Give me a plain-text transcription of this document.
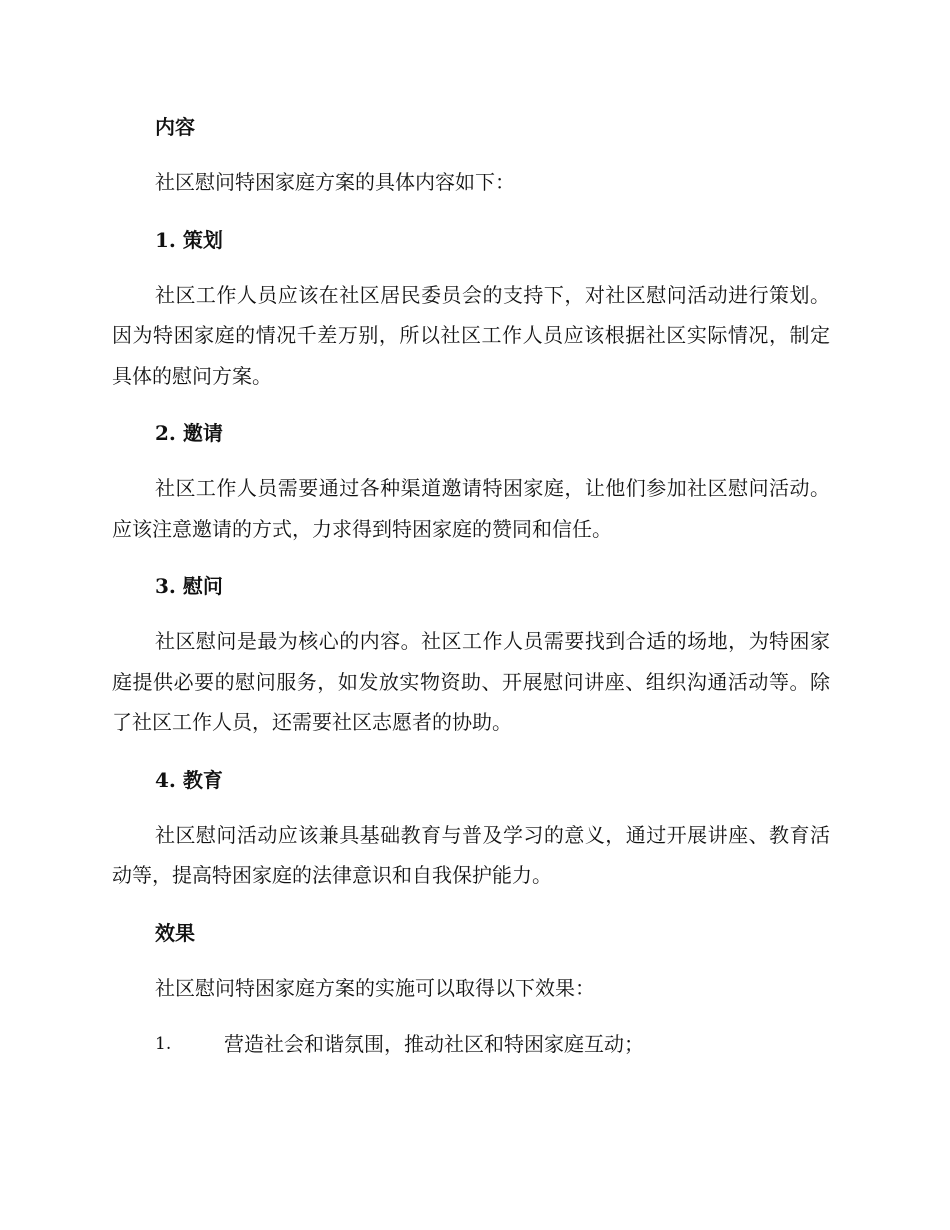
内容

社区慰问特困家庭方案的具体内容如下：

1. 策划

社区工作人员应该在社区居民委员会的支持下，对社区慰问活动进行策划。因为特困家庭的情况千差万别，所以社区工作人员应该根据社区实际情况，制定具体的慰问方案。

2. 邀请

社区工作人员需要通过各种渠道邀请特困家庭，让他们参加社区慰问活动。应该注意邀请的方式，力求得到特困家庭的赞同和信任。

3. 慰问

社区慰问是最为核心的内容。社区工作人员需要找到合适的场地，为特困家庭提供必要的慰问服务，如发放实物资助、开展慰问讲座、组织沟通活动等。除了社区工作人员，还需要社区志愿者的协助。

4. 教育

社区慰问活动应该兼具基础教育与普及学习的意义，通过开展讲座、教育活动等，提高特困家庭的法律意识和自我保护能力。

效果

社区慰问特困家庭方案的实施可以取得以下效果：

1.	营造社会和谐氛围，推动社区和特困家庭互动；
